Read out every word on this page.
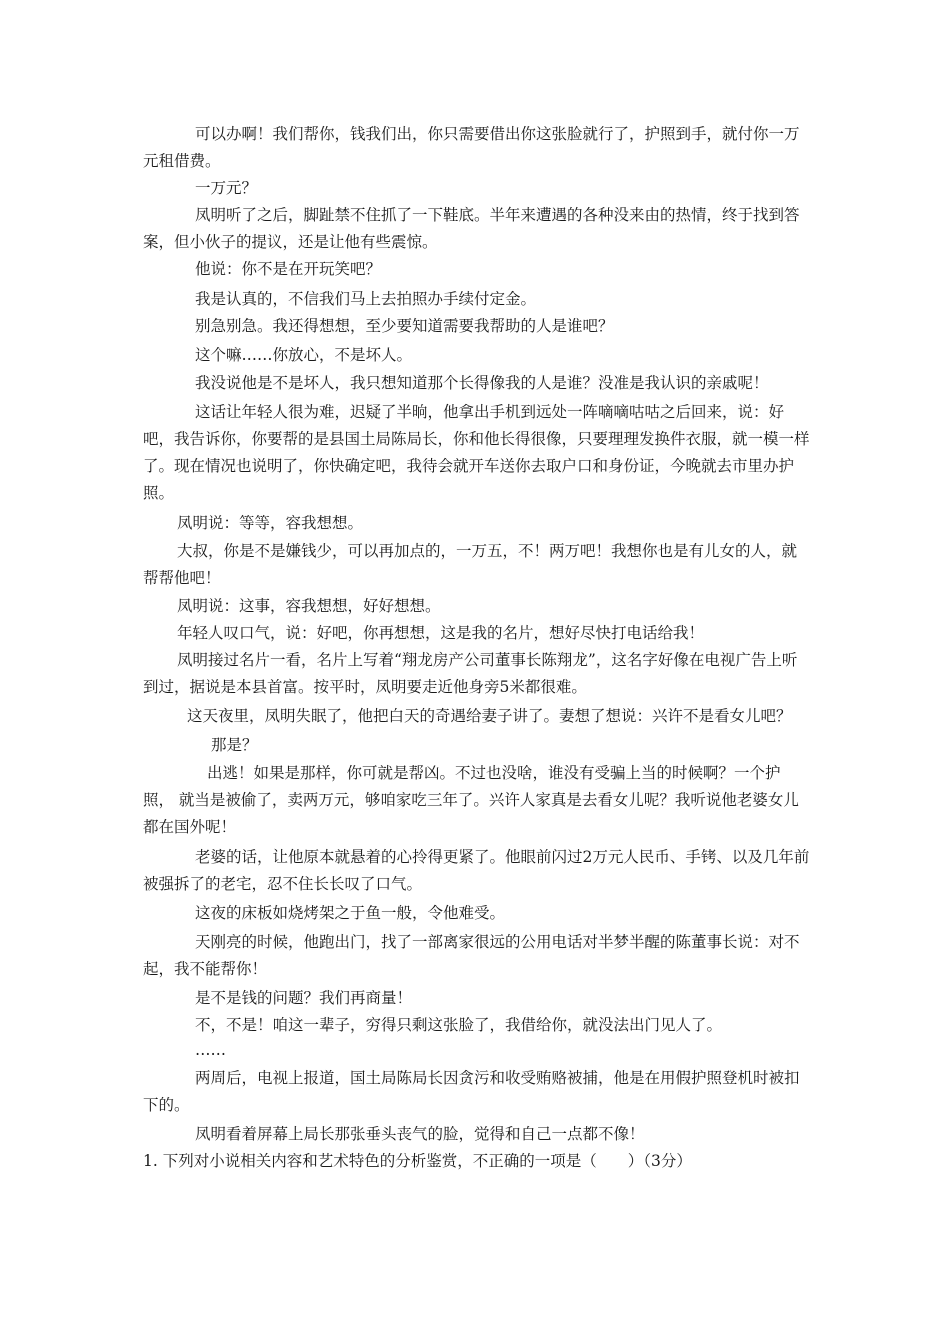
可以办啊！我们帮你，钱我们出，你只需要借出你这张脸就行了，护照到手，就付你一万元租借费。

一万元？

凤明听了之后，脚趾禁不住抓了一下鞋底。半年来遭遇的各种没来由的热情，终于找到答案，但小伙子的提议，还是让他有些震惊。

他说：你不是在开玩笑吧？

我是认真的，不信我们马上去拍照办手续付定金。

别急别急。我还得想想，至少要知道需要我帮助的人是谁吧？

这个嘛……你放心，不是坏人。

我没说他是不是坏人，我只想知道那个长得像我的人是谁？没准是我认识的亲戚呢！

这话让年轻人很为难，迟疑了半晌，他拿出手机到远处一阵嘀嘀咕咕之后回来，说：好吧，我告诉你，你要帮的是县国土局陈局长，你和他长得很像，只要理理发换件衣服，就一模一样了。现在情况也说明了，你快确定吧，我待会就开车送你去取户口和身份证，今晚就去市里办护照。

凤明说：等等，容我想想。

大叔，你是不是嫌钱少，可以再加点的，一万五，不！两万吧！我想你也是有儿女的人，就帮帮他吧！

凤明说：这事，容我想想，好好想想。

年轻人叹口气，说：好吧，你再想想，这是我的名片，想好尽快打电话给我！

凤明接过名片一看，名片上写着“翔龙房产公司董事长陈翔龙”，这名字好像在电视广告上听到过，据说是本县首富。按平时，凤明要走近他身旁5米都很难。

这天夜里，凤明失眠了，他把白天的奇遇给妻子讲了。妻想了想说：兴许不是看女儿吧？

那是？

出逃！如果是那样，你可就是帮凶。不过也没啥，谁没有受骗上当的时候啊？一个护照， 就当是被偷了，卖两万元，够咱家吃三年了。兴许人家真是去看女儿呢？我听说他老婆女儿都在国外呢！

老婆的话，让他原本就悬着的心拎得更紧了。他眼前闪过2万元人民币、手铐、以及几年前被强拆了的老宅，忍不住长长叹了口气。

这夜的床板如烧烤架之于鱼一般，令他难受。

天刚亮的时候，他跑出门，找了一部离家很远的公用电话对半梦半醒的陈董事长说：对不起，我不能帮你！

是不是钱的问题？我们再商量！

不，不是！咱这一辈子，穷得只剩这张脸了，我借给你，就没法出门见人了。

……

两周后，电视上报道，国土局陈局长因贪污和收受贿赂被捕，他是在用假护照登机时被扣下的。

凤明看着屏幕上局长那张垂头丧气的脸，觉得和自己一点都不像！

1. 下列对小说相关内容和艺术特色的分析鉴赏，不正确的一项是（　　）（3分）
